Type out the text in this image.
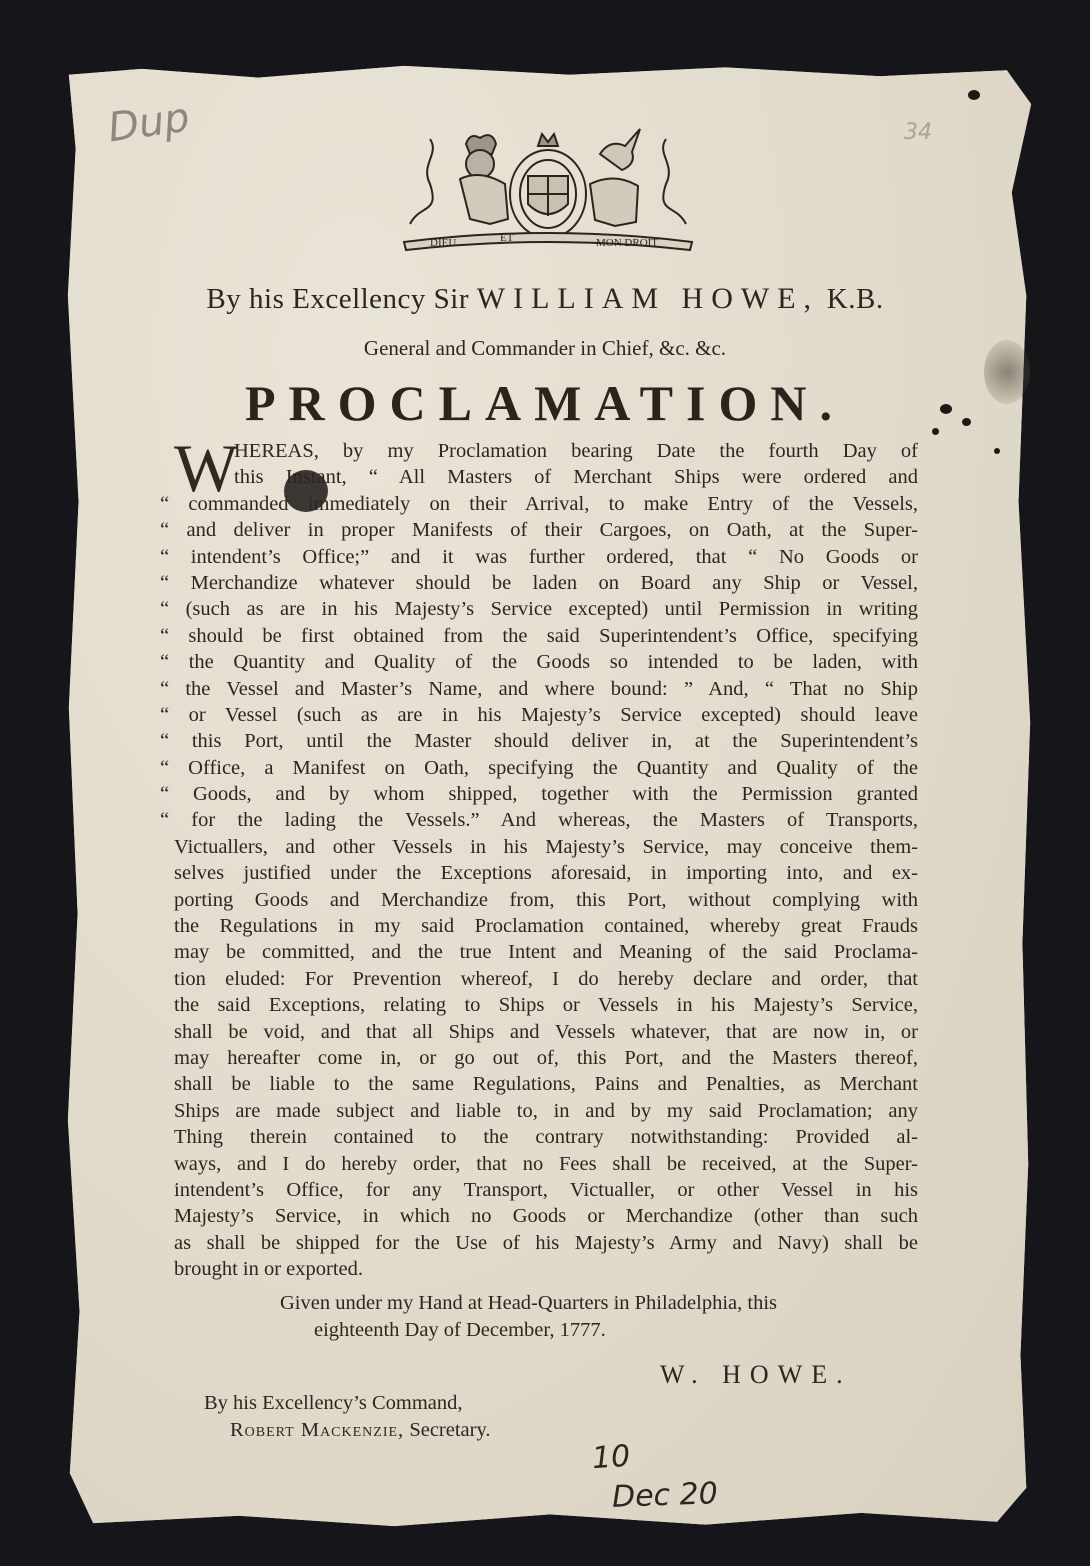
Dup	34
DIEU	ET	MON DROIT
By his Excellency Sir WILLIAM HOWE, K.B.
General and Commander in Chief, &c. &c.
PROCLAMATION.
W
HEREAS, by my Proclamation bearing Date the fourth Day of
this Instant, “ All Masters of Merchant Ships were ordered and
“ commanded immediately on their Arrival, to make Entry of the Vessels,
“ and deliver in proper Manifests of their Cargoes, on Oath, at the Super-
“ intendent’s Office;” and it was further ordered, that “ No Goods or
“ Merchandize whatever should be laden on Board any Ship or Vessel,
“ (such as are in his Majesty’s Service excepted) until Permission in writing
“ should be first obtained from the said Superintendent’s Office, specifying
“ the Quantity and Quality of the Goods so intended to be laden, with
“ the Vessel and Master’s Name, and where bound: ” And, “ That no Ship
“ or Vessel (such as are in his Majesty’s Service excepted) should leave
“ this Port, until the Master should deliver in, at the Superintendent’s
“ Office, a Manifest on Oath, specifying the Quantity and Quality of the
“ Goods, and by whom shipped, together with the Permission granted
“ for the lading the Vessels.” And whereas, the Masters of Transports,
Victuallers, and other Vessels in his Majesty’s Service, may conceive them-
selves justified under the Exceptions aforesaid, in importing into, and ex-
porting Goods and Merchandize from, this Port, without complying with
the Regulations in my said Proclamation contained, whereby great Frauds
may be committed, and the true Intent and Meaning of the said Proclama-
tion eluded: For Prevention whereof, I do hereby declare and order, that
the said Exceptions, relating to Ships or Vessels in his Majesty’s Service,
shall be void, and that all Ships and Vessels whatever, that are now in, or
may hereafter come in, or go out of, this Port, and the Masters thereof,
shall be liable to the same Regulations, Pains and Penalties, as Merchant
Ships are made subject and liable to, in and by my said Proclamation; any
Thing therein contained to the contrary notwithstanding: Provided al-
ways, and I do hereby order, that no Fees shall be received, at the Super-
intendent’s Office, for any Transport, Victualler, or other Vessel in his
Majesty’s Service, in which no Goods or Merchandize (other than such
as shall be shipped for the Use of his Majesty’s Army and Navy) shall be
brought in or exported.
Given under my Hand at Head-Quarters in Philadelphia, this
eighteenth Day of December, 1777.
W. HOWE.
By his Excellency’s Command,
Robert Mackenzie, Secretary.
10
Dec 20
